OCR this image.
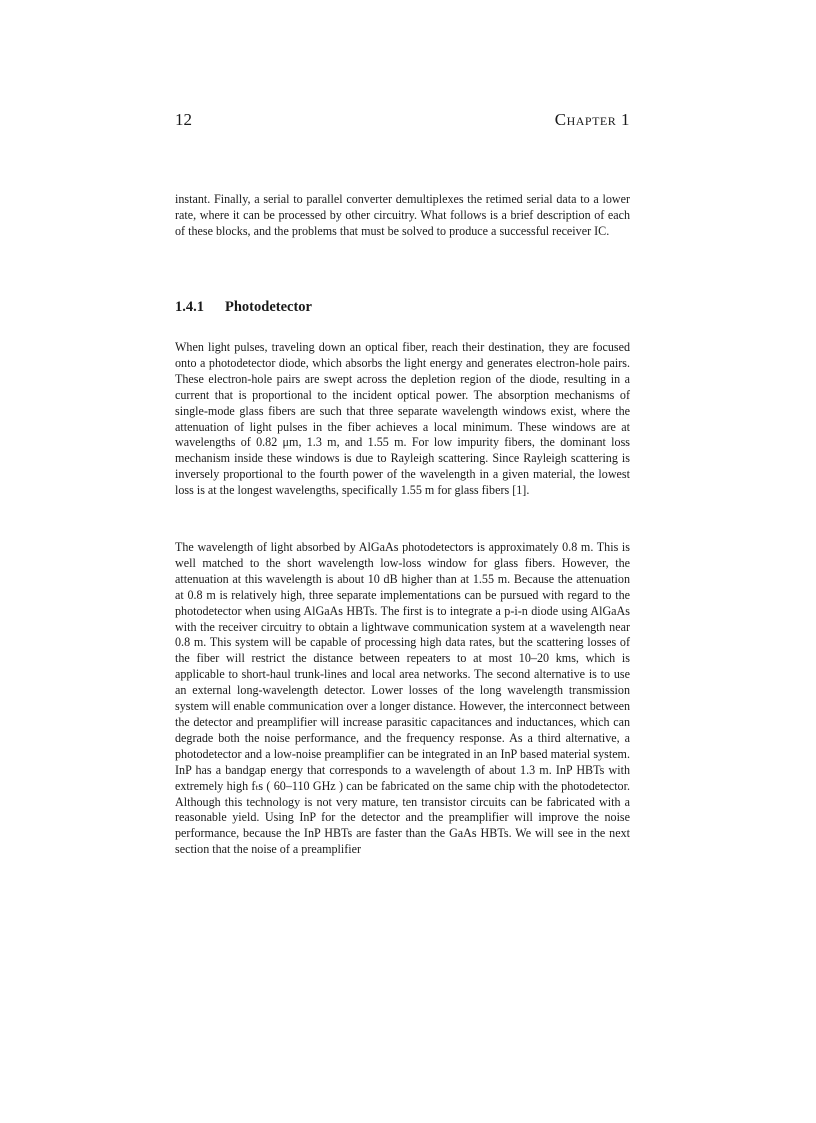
12	Chapter 1

instant. Finally, a serial to parallel converter demultiplexes the retimed serial data to a lower rate, where it can be processed by other circuitry. What follows is a brief description of each of these blocks, and the problems that must be solved to produce a successful receiver IC.

1.4.1 Photodetector

When light pulses, traveling down an optical fiber, reach their destination, they are focused onto a photodetector diode, which absorbs the light energy and generates electron-hole pairs. These electron-hole pairs are swept across the depletion region of the diode, resulting in a current that is proportional to the incident optical power. The absorption mechanisms of single-mode glass fibers are such that three separate wavelength windows exist, where the attenuation of light pulses in the fiber achieves a local minimum. These windows are at wavelengths of 0.82 μm, 1.3 m, and 1.55 m. For low impurity fibers, the dominant loss mechanism inside these windows is due to Rayleigh scattering. Since Rayleigh scattering is inversely proportional to the fourth power of the wavelength in a given material, the lowest loss is at the longest wavelengths, specifically 1.55 m for glass fibers [1].

The wavelength of light absorbed by AlGaAs photodetectors is approximately 0.8 m. This is well matched to the short wavelength low-loss window for glass fibers. However, the attenuation at this wavelength is about 10 dB higher than at 1.55 m. Because the attenuation at 0.8 m is relatively high, three separate implementations can be pursued with regard to the photodetector when using AlGaAs HBTs. The first is to integrate a p-i-n diode using AlGaAs with the receiver circuitry to obtain a lightwave communication system at a wavelength near 0.8 m. This system will be capable of processing high data rates, but the scattering losses of the fiber will restrict the distance between repeaters to at most 10–20 kms, which is applicable to short-haul trunk-lines and local area networks. The second alternative is to use an external long-wavelength detector. Lower losses of the long wavelength transmission system will enable communication over a longer distance. However, the interconnect between the detector and preamplifier will increase parasitic capacitances and inductances, which can degrade both the noise performance, and the frequency response. As a third alternative, a photodetector and a low-noise preamplifier can be integrated in an InP based material system. InP has a bandgap energy that corresponds to a wavelength of about 1.3 m. InP HBTs with extremely high fₜs ( 60–110 GHz ) can be fabricated on the same chip with the photodetector. Although this technology is not very mature, ten transistor circuits can be fabricated with a reasonable yield. Using InP for the detector and the preamplifier will improve the noise performance, because the InP HBTs are faster than the GaAs HBTs. We will see in the next section that the noise of a preamplifier
